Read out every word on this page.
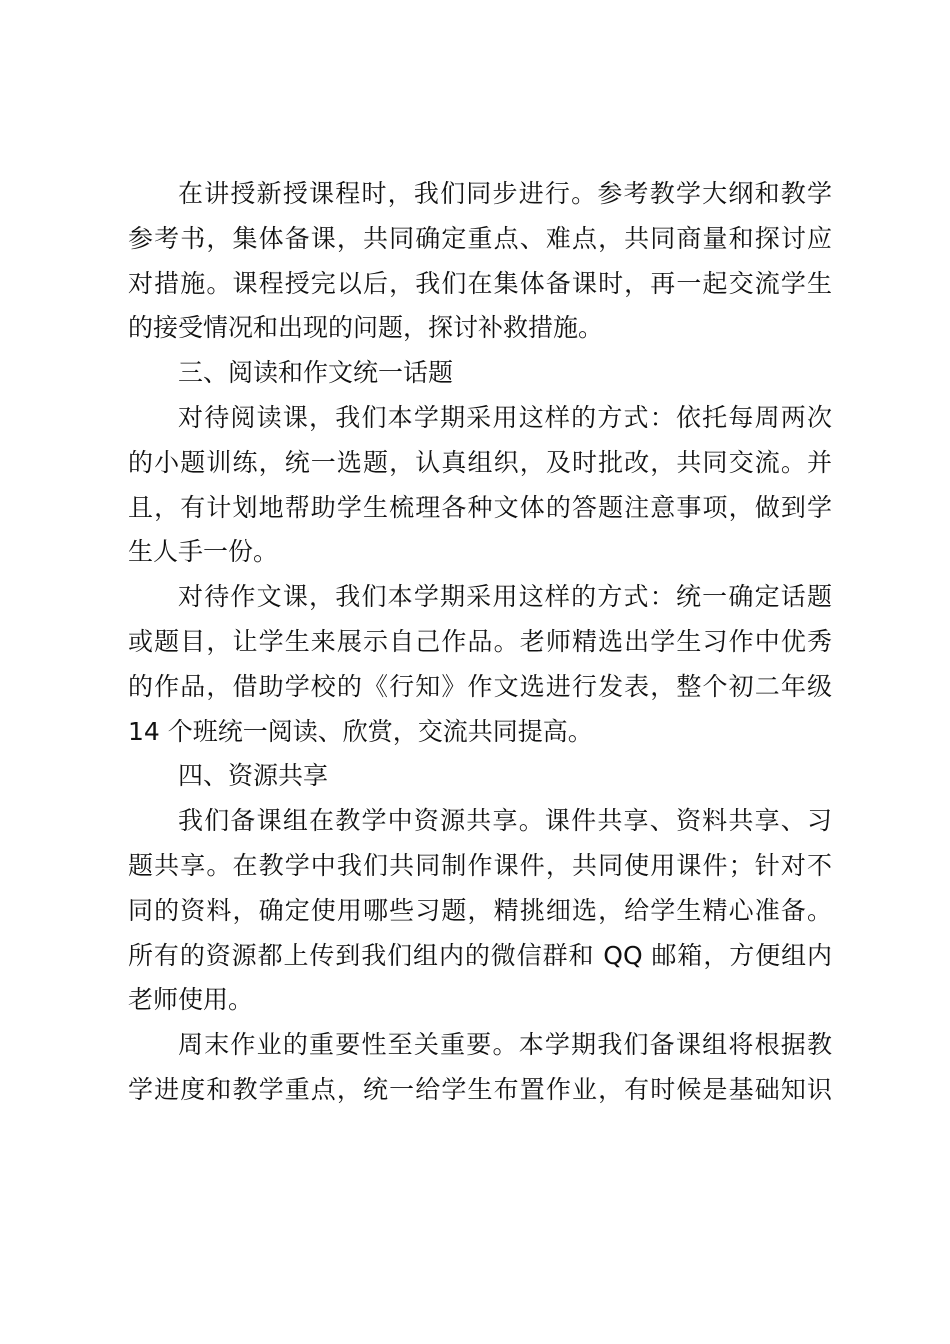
在讲授新授课程时，我们同步进行。参考教学大纲和教学
参考书，集体备课，共同确定重点、难点，共同商量和探讨应
对措施。课程授完以后，我们在集体备课时，再一起交流学生
的接受情况和出现的问题，探讨补救措施。
三、阅读和作文统一话题
对待阅读课，我们本学期采用这样的方式：依托每周两次
的小题训练，统一选题，认真组织，及时批改，共同交流。并
且，有计划地帮助学生梳理各种文体的答题注意事项，做到学
生人手一份。
对待作文课，我们本学期采用这样的方式：统一确定话题
或题目，让学生来展示自己作品。老师精选出学生习作中优秀
的作品，借助学校的《行知》作文选进行发表，整个初二年级
14 个班统一阅读、欣赏，交流共同提高。
四、资源共享
我们备课组在教学中资源共享。课件共享、资料共享、习
题共享。在教学中我们共同制作课件，共同使用课件；针对不
同的资料，确定使用哪些习题，精挑细选，给学生精心准备。
所有的资源都上传到我们组内的微信群和 QQ 邮箱，方便组内
老师使用。
周末作业的重要性至关重要。本学期我们备课组将根据教
学进度和教学重点，统一给学生布置作业，有时候是基础知识
